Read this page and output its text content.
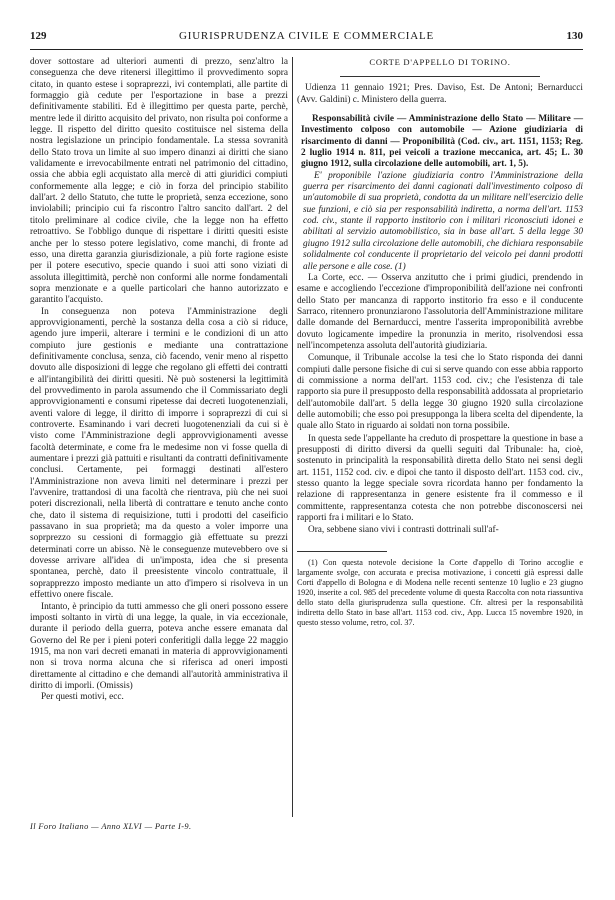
129	GIURISPRUDENZA CIVILE E COMMERCIALE	130

dover sottostare ad ulteriori aumenti di prezzo, senz'altro la conseguenza che deve ritenersi illegittimo il provvedimento sopra citato, in quanto estese i sopraprezzi, ivi contemplati, alle partite di formaggio già cedute per l'esportazione in base a prezzi definitivamente stabiliti. Ed è illegittimo per questa parte, perchè, mentre lede il diritto acquisito del privato, non risulta poi conforme a legge. Il rispetto del diritto quesito costituisce nel sistema della nostra legislazione un principio fondamentale. La stessa sovranità dello Stato trova un limite al suo impero dinanzi ai diritti che siano validamente e irrevocabilmente entrati nel patrimonio del cittadino, ossia che abbia egli acquistato alla mercè di atti giuridici compiuti conformemente alla legge; e ciò in forza del principio stabilito dall'art. 2 dello Statuto, che tutte le proprietà, senza eccezione, sono inviolabili; principio cui fa riscontro l'altro sancito dall'art. 2 del titolo preliminare al codice civile, che la legge non ha effetto retroattivo. Se l'obbligo dunque di rispettare i diritti quesiti esiste anche per lo stesso potere legislativo, come manchi, di fronte ad esso, una diretta garanzia giurisdizionale, a più forte ragione esiste per il potere esecutivo, specie quando i suoi atti sono viziati di assoluta illegittimità, perchè non conformi alle norme fondamentali sopra menzionate e a quelle particolari che hanno autorizzato e garantito l'acquisto.

In conseguenza non poteva l'Amministrazione degli approvvigionamenti, perchè la sostanza della cosa a ciò si riduce, agendo jure imperii, alterare i termini e le condizioni di un atto compiuto jure gestionis e mediante una contrattazione definitivamente conclusa, senza, ciò facendo, venir meno al rispetto dovuto alle disposizioni di legge che regolano gli effetti dei contratti e all'intangibilità dei diritti quesiti. Nè può sostenersi la legittimità del provvedimento in parola assumendo che il Commissariato degli approvvigionamenti e consumi ripetesse dai decreti luogotenenziali, aventi valore di legge, il diritto di imporre i sopraprezzi di cui si controverte. Esaminando i vari decreti luogotenenziali da cui si è visto come l'Amministrazione degli approvvigionamenti avesse facoltà determinate, e come fra le medesime non vi fosse quella di aumentare i prezzi già pattuiti e risultanti da contratti definitivamente conclusi. Certamente, pei formaggi destinati all'estero l'Amministrazione non aveva limiti nel determinare i prezzi per l'avvenire, trattandosi di una facoltà che rientrava, più che nei suoi poteri discrezionali, nella libertà di contrattare e tenuto anche conto che, dato il sistema di requisizione, tutti i prodotti del caseificio passavano in sua proprietà; ma da questo a voler imporre una soprprezzo su cessioni di formaggio già effettuate su prezzi determinati corre un abisso. Nè le conseguenze mutevebbero ove si dovesse arrivare all'idea di un'imposta, idea che si presenta spontanea, perchè, dato il preesistente vincolo contrattuale, il soprapprezzo imposto mediante un atto d'impero si risolveva in un effettivo onere fiscale.

Intanto, è principio da tutti ammesso che gli oneri possono essere imposti soltanto in virtù di una legge, la quale, in via eccezionale, durante il periodo della guerra, poteva anche essere emanata dal Governo del Re per i pieni poteri conferitigli dalla legge 22 maggio 1915, ma non vari decreti emanati in materia di approvvigionamenti non si trova norma alcuna che si riferisca ad oneri imposti direttamente al cittadino e che demandi all'autorità amministrativa il diritto di imporli. (Omissis)

Per questi motivi, ecc.

CORTE D'APPELLO DI TORINO.

Udienza 11 gennaio 1921; Pres. Daviso, Est. De Antoni; Bernarducci (Avv. Galdini) c. Ministero della guerra.

Responsabilità civile — Amministrazione dello Stato — Militare — Investimento colposo con automobile — Azione giudiziaria di risarcimento di danni — Proponibilità (Cod. civ., art. 1151, 1153; Reg. 2 luglio 1914 n. 811, pei veicoli a trazione meccanica, art. 45; L. 30 giugno 1912, sulla circolazione delle automobili, art. 1, 5).

E' proponibile l'azione giudiziaria contro l'Amministrazione della guerra per risarcimento dei danni cagionati dall'investimento colposo di un'automobile di sua proprietà, condotta da un militare nell'esercizio delle sue funzioni, e ciò sia per responsabilità indiretta, a norma dell'art. 1153 cod. civ., stante il rapporto institorio con i militari riconosciuti idonei e abilitati al servizio automobilistico, sia in base all'art. 5 della legge 30 giugno 1912 sulla circolazione delle automobili, che dichiara responsabile solidalmente col conducente il proprietario del veicolo pei danni prodotti alle persone e alle cose. (1)

La Corte, ecc. — Osserva anzitutto che i primi giudici, prendendo in esame e accogliendo l'eccezione d'improponibilità dell'azione nei confronti dello Stato per mancanza di rapporto institorio fra esso e il conducente Sarraco, ritennero pronunziarono l'assolutoria dell'Amministrazione militare dalle domande del Bernarducci, mentre l'asserita improponibilità avrebbe dovuto logicamente impedire la pronunzia in merito, risolvendosi essa nell'incompetenza assoluta dell'autorità giudiziaria.

Comunque, il Tribunale accolse la tesi che lo Stato risponda dei danni compiuti dalle persone fisiche di cui si serve quando con esse abbia rapporto di commissione a norma dell'art. 1153 cod. civ.; che l'esistenza di tale rapporto sia pure il presupposto della responsabilità addossata al proprietario dell'automobile dall'art. 5 della legge 30 giugno 1920 sulla circolazione delle automobili; che esso poi presupponga la libera scelta del dipendente, la quale allo Stato in riguardo ai soldati non torna possibile.

In questa sede l'appellante ha creduto di prospettare la questione in base a presupposti di diritto diversi da quelli seguiti dal Tribunale: ha, cioè, sostenuto in principalità la responsabilità diretta dello Stato nei sensi degli art. 1151, 1152 cod. civ. e dipoi che tanto il disposto dell'art. 1153 cod. civ., stesso quanto la legge speciale sovra ricordata hanno per fondamento la relazione di rappresentanza in genere esistente fra il commesso e il committente, rappresentanza cotesta che non potrebbe disconoscersi nei rapporti fra i militari e lo Stato.

Ora, sebbene siano vivi i contrasti dottrinali sull'af-

(1) Con questa notevole decisione la Corte d'appello di Torino accoglie e largamente svolge, con accurata e precisa motivazione, i concetti già espressi dalle Corti d'appello di Bologna e di Modena nelle recenti sentenze 10 luglio e 23 giugno 1920, inserite a col. 985 del precedente volume di questa Raccolta con nota riassuntiva dello stato della giurisprudenza sulla questione. Cfr. altresì per la responsabilità indiretta dello Stato in base all'art. 1153 cod. civ., App. Lucca 15 novembre 1920, in questo stesso volume, retro, col. 37.

Il Foro Italiano — Anno XLVI — Parte I-9.
